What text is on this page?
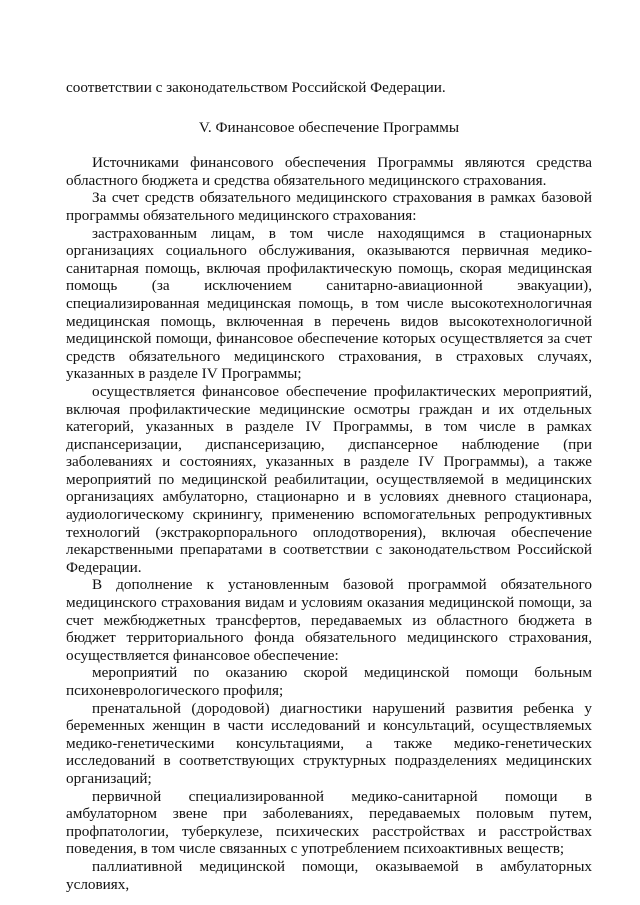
соответствии с законодательством Российской Федерации.

V. Финансовое обеспечение Программы

Источниками финансового обеспечения Программы являются средства областного бюджета и средства обязательного медицинского страхования.

За счет средств обязательного медицинского страхования в рамках базовой программы обязательного медицинского страхования:

застрахованным лицам, в том числе находящимся в стационарных организациях социального обслуживания, оказываются первичная медико-санитарная помощь, включая профилактическую помощь, скорая медицинская помощь (за исключением санитарно-авиационной эвакуации), специализированная медицинская помощь, в том числе высокотехнологичная медицинская помощь, включенная в перечень видов высокотехнологичной медицинской помощи, финансовое обеспечение которых осуществляется за счет средств обязательного медицинского страхования, в страховых случаях, указанных в разделе IV Программы;

осуществляется финансовое обеспечение профилактических мероприятий, включая профилактические медицинские осмотры граждан и их отдельных категорий, указанных в разделе IV Программы, в том числе в рамках диспансеризации, диспансеризацию, диспансерное наблюдение (при заболеваниях и состояниях, указанных в разделе IV Программы), а также мероприятий по медицинской реабилитации, осуществляемой в медицинских организациях амбулаторно, стационарно и в условиях дневного стационара, аудиологическому скринингу, применению вспомогательных репродуктивных технологий (экстракорпорального оплодотворения), включая обеспечение лекарственными препаратами в соответствии с законодательством Российской Федерации.

В дополнение к установленным базовой программой обязательного медицинского страхования видам и условиям оказания медицинской помощи, за счет межбюджетных трансфертов, передаваемых из областного бюджета в бюджет территориального фонда обязательного медицинского страхования, осуществляется финансовое обеспечение:

мероприятий по оказанию скорой медицинской помощи больным психоневрологического профиля;

пренатальной (дородовой) диагностики нарушений развития ребенка у беременных женщин в части исследований и консультаций, осуществляемых медико-генетическими консультациями, а также медико-генетических исследований в соответствующих структурных подразделениях медицинских организаций;

первичной специализированной медико-санитарной помощи в амбулаторном звене при заболеваниях, передаваемых половым путем, профпатологии, туберкулезе, психических расстройствах и расстройствах поведения, в том числе связанных с употреблением психоактивных веществ;

паллиативной медицинской помощи, оказываемой в амбулаторных условиях,
